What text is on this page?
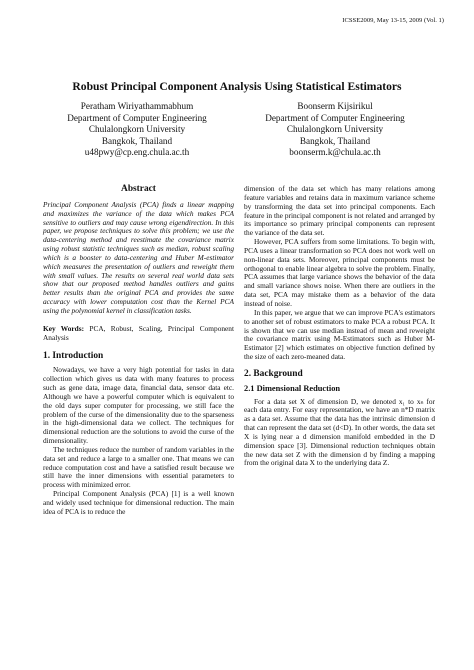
ICSSE2009, May 13-15, 2009 (Vol. 1)
Robust Principal Component Analysis Using Statistical Estimators
Peratham Wiriyathammabhum
Department of Computer Engineering
Chulalongkorn University
Bangkok, Thailand
u48pwy@cp.eng.chula.ac.th
Boonserm Kijsirikul
Department of Computer Engineering
Chulalongkorn University
Bangkok, Thailand
boonserm.k@chula.ac.th
Abstract

Principal Component Analysis (PCA) finds a linear mapping and maximizes the variance of the data which makes PCA sensitive to outliers and may cause wrong eigendirection. In this paper, we propose techniques to solve this problem; we use the data-centering method and reestimate the covariance matrix using robust statistic techniques such as median, robust scaling which is a booster to data-centering and Huber M-estimator which measures the presentation of outliers and reweight them with small values. The results on several real world data sets show that our proposed method handles outliers and gains better results than the original PCA and provides the same accuracy with lower computation cost than the Kernel PCA using the polynomial kernel in classification tasks.

Key Words: PCA, Robust, Scaling, Principal Component Analysis

1. Introduction

Nowadays, we have a very high potential for tasks in data collection which gives us data with many features to process such as gene data, image data, financial data, sensor data etc. Although we have a powerful computer which is equivalent to the old days super computer for processing, we still face the problem of the curse of the dimensionality due to the sparseness in the high-dimensional data we collect. The techniques for dimensional reduction are the solutions to avoid the curse of the dimensionality.

The techniques reduce the number of random variables in the data set and reduce a large to a smaller one. That means we can reduce computation cost and have a satisfied result because we still have the inner dimensions with essential parameters to process with minimized error.

Principal Component Analysis (PCA) [1] is a well known and widely used technique for dimensional reduction. The main idea of PCA is to reduce the

dimension of the data set which has many relations among feature variables and retains data in maximum variance scheme by transforming the data set into principal components. Each feature in the principal component is not related and arranged by its importance so primary principal components can represent the variance of the data set.

However, PCA suffers from some limitations. To begin with, PCA uses a linear transformation so PCA does not work well on non-linear data sets. Moreover, principal components must be orthogonal to enable linear algebra to solve the problem. Finally, PCA assumes that large variance shows the behavior of the data and small variance shows noise. When there are outliers in the data set, PCA may mistake them as a behavior of the data instead of noise.

In this paper, we argue that we can improve PCA's estimators to another set of robust estimators to make PCA a robust PCA. It is shown that we can use median instead of mean and reweight the covariance matrix using M-Estimators such as Huber M-Estimator [2] which estimates on objective function defined by the size of each zero-meaned data.

2. Background
2.1 Dimensional Reduction

For a data set X of dimension D, we denoted x₁ to xₙ for each data entry. For easy representation, we have an n*D matrix as a data set. Assume that the data has the intrinsic dimension d that can represent the data set (d<D). In other words, the data set X is lying near a d dimension manifold embedded in the D dimension space [3]. Dimensional reduction techniques obtain the new data set Z with the dimension d by finding a mapping from the original data X to the underlying data Z.
